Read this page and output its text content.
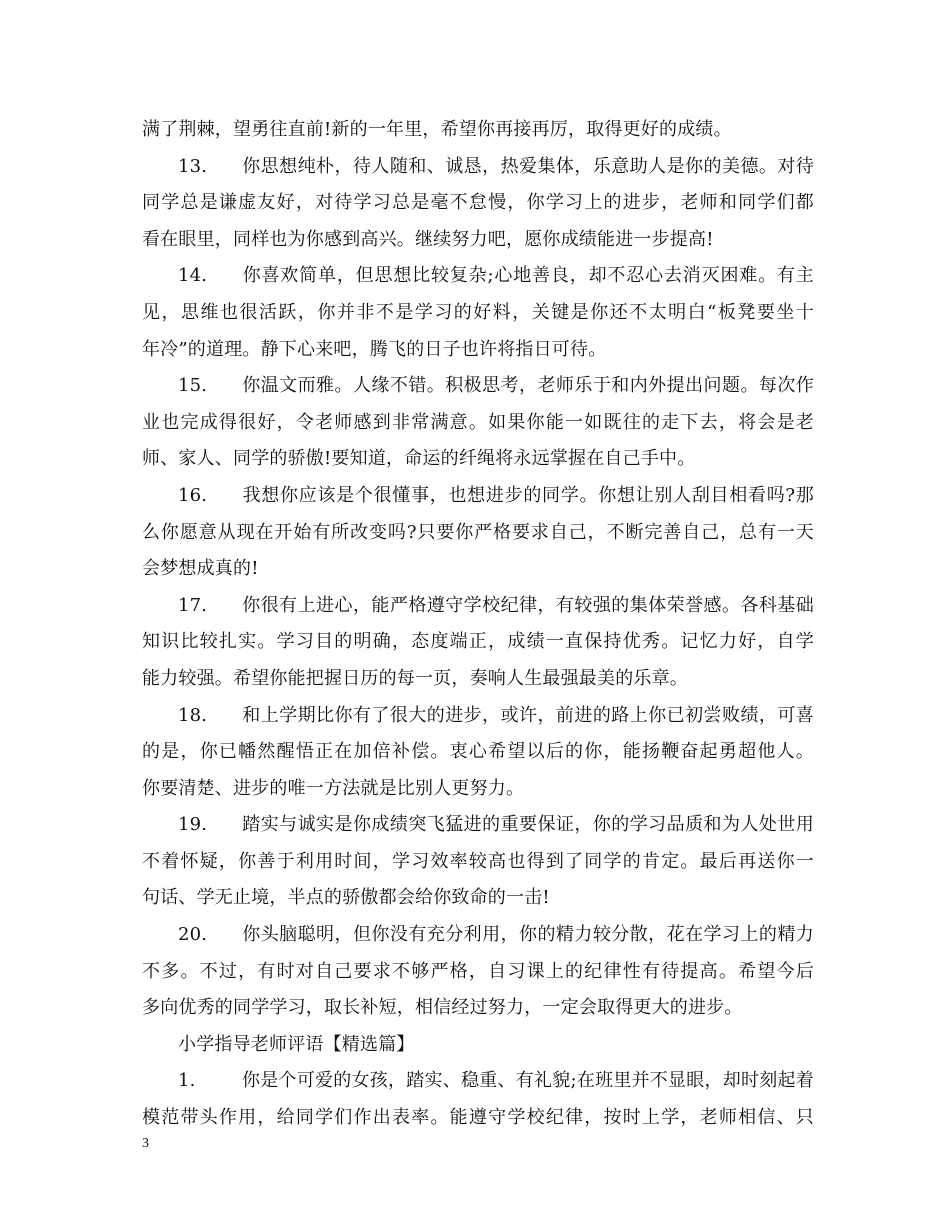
满了荆棘，望勇往直前!新的一年里，希望你再接再厉，取得更好的成绩。
13. 你思想纯朴，待人随和、诚恳，热爱集体，乐意助人是你的美德。对待
同学总是谦虚友好，对待学习总是毫不怠慢，你学习上的进步，老师和同学们都
看在眼里，同样也为你感到高兴。继续努力吧，愿你成绩能进一步提高!
14. 你喜欢简单，但思想比较复杂;心地善良，却不忍心去消灭困难。有主
见，思维也很活跃，你并非不是学习的好料，关键是你还不太明白“板凳要坐十
年冷”的道理。静下心来吧，腾飞的日子也许将指日可待。
15. 你温文而雅。人缘不错。积极思考，老师乐于和内外提出问题。每次作
业也完成得很好，令老师感到非常满意。如果你能一如既往的走下去，将会是老
师、家人、同学的骄傲!要知道，命运的纤绳将永远掌握在自己手中。
16. 我想你应该是个很懂事，也想进步的同学。你想让别人刮目相看吗?那
么你愿意从现在开始有所改变吗?只要你严格要求自己，不断完善自己，总有一天
会梦想成真的!
17. 你很有上进心，能严格遵守学校纪律，有较强的集体荣誉感。各科基础
知识比较扎实。学习目的明确，态度端正，成绩一直保持优秀。记忆力好，自学
能力较强。希望你能把握日历的每一页，奏响人生最强最美的乐章。
18. 和上学期比你有了很大的进步，或许，前进的路上你已初尝败绩，可喜
的是，你已幡然醒悟正在加倍补偿。衷心希望以后的你，能扬鞭奋起勇超他人。
你要清楚、进步的唯一方法就是比别人更努力。
19. 踏实与诚实是你成绩突飞猛进的重要保证，你的学习品质和为人处世用
不着怀疑，你善于利用时间，学习效率较高也得到了同学的肯定。最后再送你一
句话、学无止境，半点的骄傲都会给你致命的一击!
20. 你头脑聪明，但你没有充分利用，你的精力较分散，花在学习上的精力
不多。不过，有时对自己要求不够严格，自习课上的纪律性有待提高。希望今后
多向优秀的同学学习，取长补短，相信经过努力，一定会取得更大的进步。
小学指导老师评语【精选篇】
1.	你是个可爱的女孩，踏实、稳重、有礼貌;在班里并不显眼，却时刻起着
模范带头作用，给同学们作出表率。能遵守学校纪律，按时上学，老师相信、只
3
